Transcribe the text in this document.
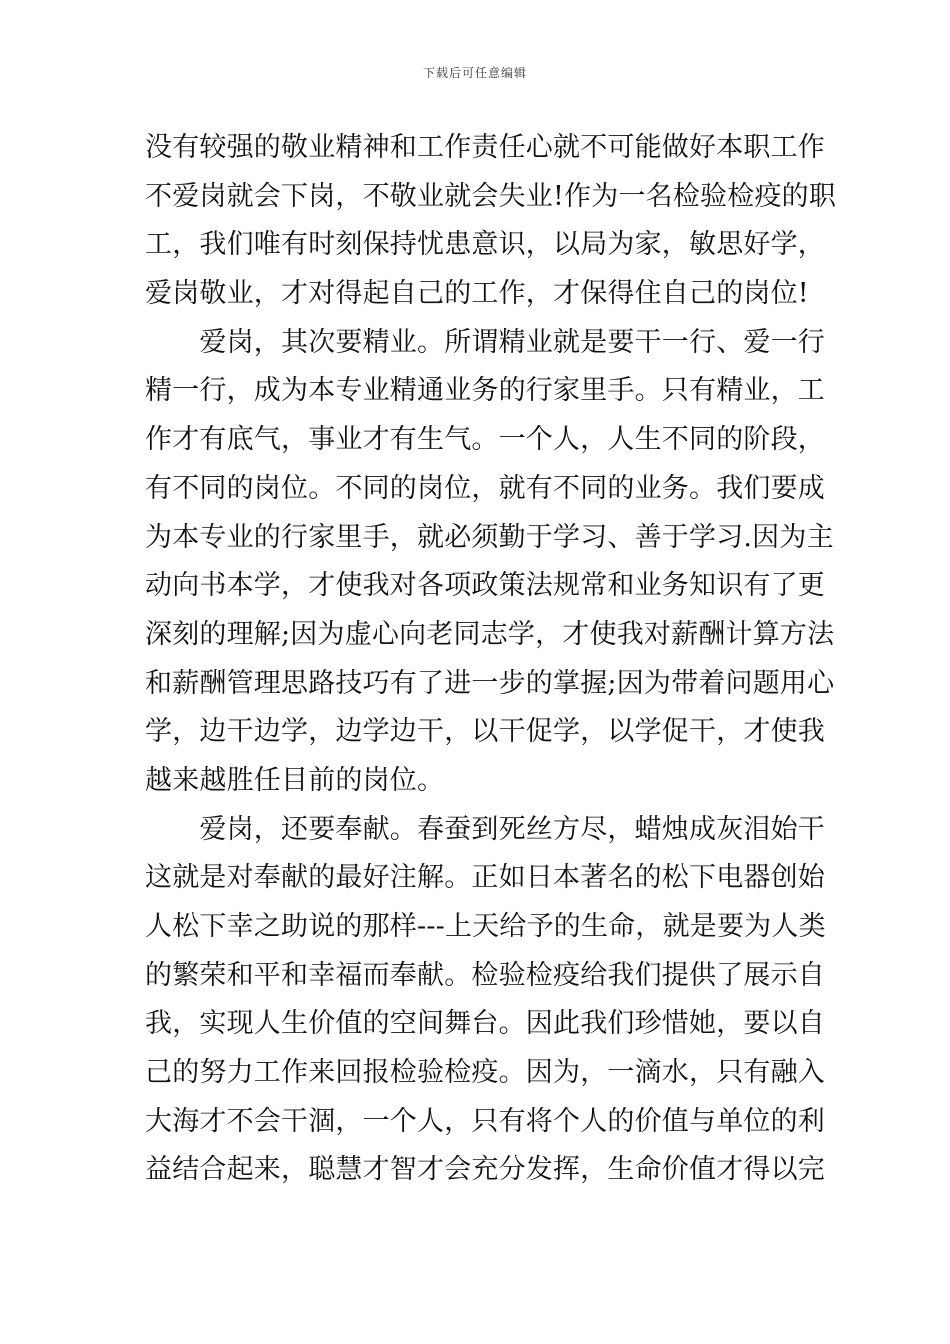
下载后可任意编辑
没有较强的敬业精神和工作责任心就不可能做好本职工作
不爱岗就会下岗，不敬业就会失业!作为一名检验检疫的职
工，我们唯有时刻保持忧患意识，以局为家，敏思好学，
爱岗敬业，才对得起自己的工作，才保得住自己的岗位!
　　爱岗，其次要精业。所谓精业就是要干一行、爱一行
精一行，成为本专业精通业务的行家里手。只有精业，工
作才有底气，事业才有生气。一个人，人生不同的阶段，
有不同的岗位。不同的岗位，就有不同的业务。我们要成
为本专业的行家里手，就必须勤于学习、善于学习.因为主
动向书本学，才使我对各项政策法规常和业务知识有了更
深刻的理解;因为虚心向老同志学，才使我对薪酬计算方法
和薪酬管理思路技巧有了进一步的掌握;因为带着问题用心
学，边干边学，边学边干，以干促学，以学促干，才使我
越来越胜任目前的岗位。
　　爱岗，还要奉献。春蚕到死丝方尽，蜡烛成灰泪始干
这就是对奉献的最好注解。正如日本著名的松下电器创始
人松下幸之助说的那样---上天给予的生命，就是要为人类
的繁荣和平和幸福而奉献。检验检疫给我们提供了展示自
我，实现人生价值的空间舞台。因此我们珍惜她，要以自
己的努力工作来回报检验检疫。因为，一滴水，只有融入
大海才不会干涸，一个人，只有将个人的价值与单位的利
益结合起来，聪慧才智才会充分发挥，生命价值才得以完
